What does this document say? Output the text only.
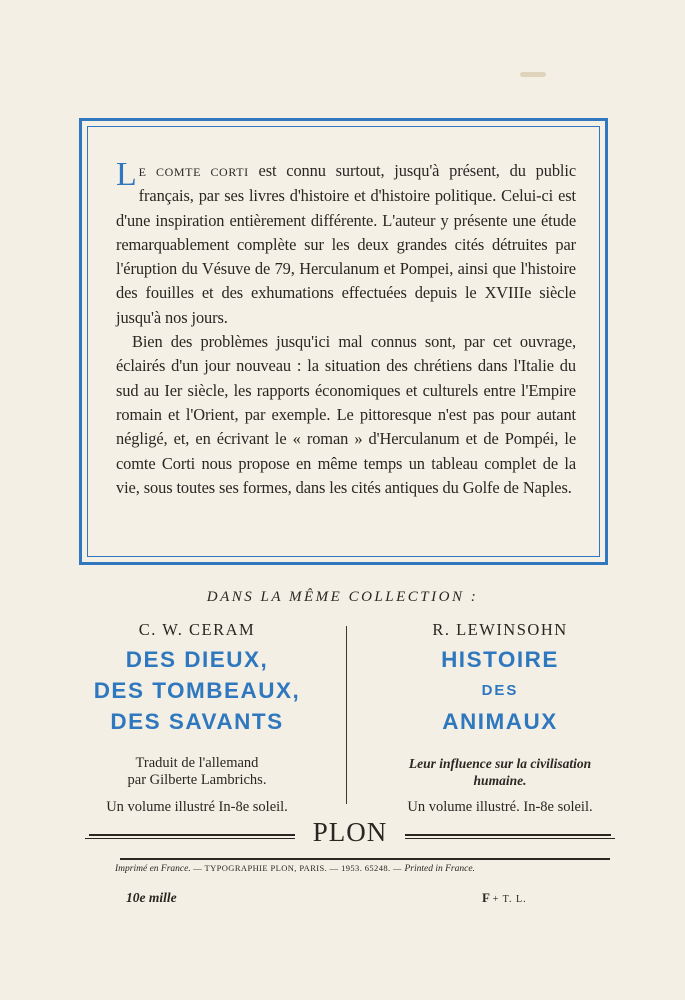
LE COMTE CORTI est connu surtout, jusqu'à présent, du public français, par ses livres d'histoire et d'histoire politique. Celui-ci est d'une inspiration entièrement différente. L'auteur y présente une étude remarquablement complète sur les deux grandes cités détruites par l'éruption du Vésuve de 79, Herculanum et Pompei, ainsi que l'histoire des fouilles et des exhumations effectuées depuis le XVIIIe siècle jusqu'à nos jours.

Bien des problèmes jusqu'ici mal connus sont, par cet ouvrage, éclairés d'un jour nouveau : la situation des chrétiens dans l'Italie du sud au Ier siècle, les rapports économiques et culturels entre l'Empire romain et l'Orient, par exemple. Le pittoresque n'est pas pour autant négligé, et, en écrivant le « roman » d'Herculanum et de Pompéi, le comte Corti nous propose en même temps un tableau complet de la vie, sous toutes ses formes, dans les cités antiques du Golfe de Naples.

DANS LA MÊME COLLECTION :
C. W. CERAM
DES DIEUX,
DES TOMBEAUX,
DES SAVANTS
Traduit de l'allemand
par Gilberte Lambrichs.
Un volume illustré In-8e soleil.
R. LEWINSOHN
HISTOIRE
DES
ANIMAUX
Leur influence sur la civilisation
humaine.
Un volume illustré. In-8e soleil.
PLON
Imprimé en France. — TYPOGRAPHIE PLON, PARIS. — 1953. 65248. — Printed in France.
10e mille	F + T. L.
